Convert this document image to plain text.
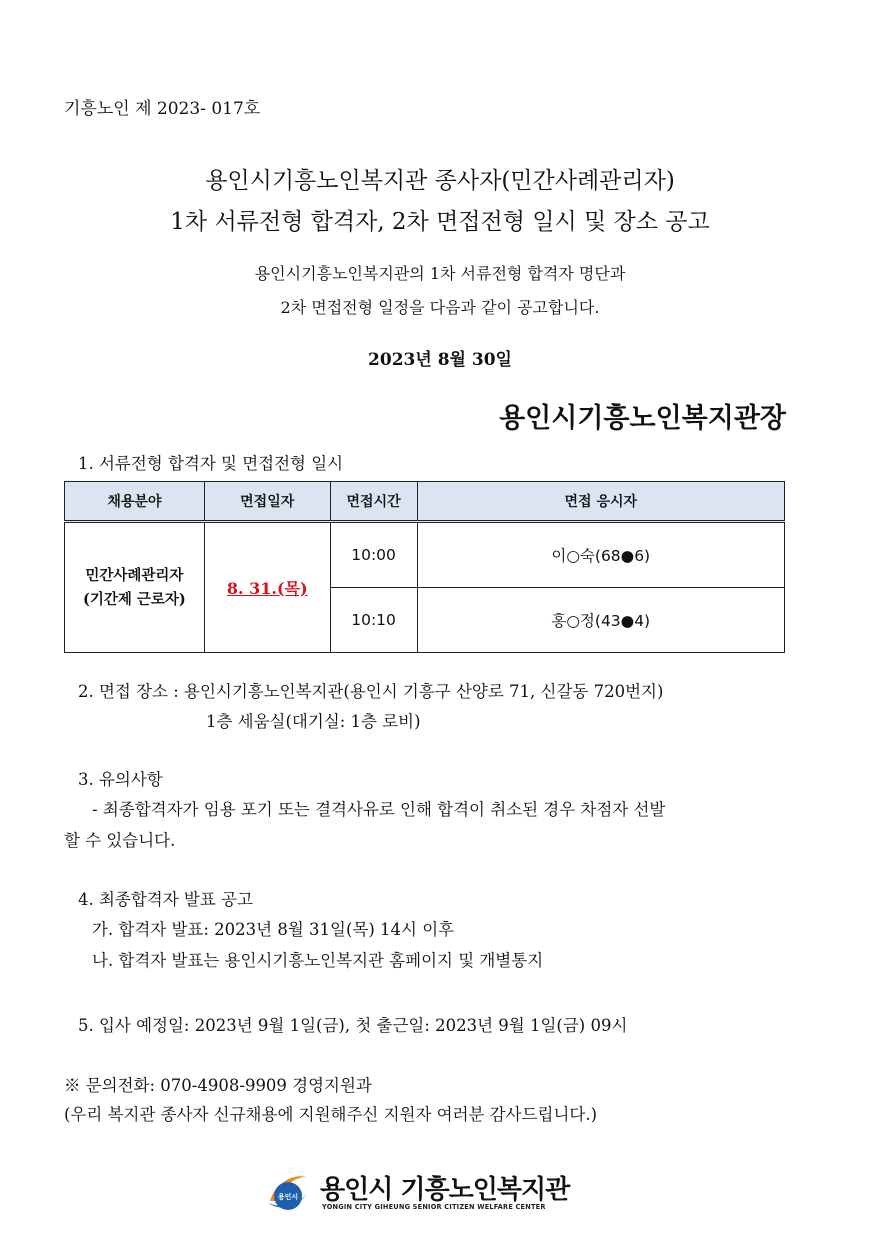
기흥노인 제 2023- 017호
용인시기흥노인복지관 종사자(민간사례관리자)
1차 서류전형 합격자, 2차 면접전형 일시 및 장소 공고
용인시기흥노인복지관의 1차 서류전형 합격자 명단과
2차 면접전형 일정을 다음과 같이 공고합니다.
2023년 8월 30일
용인시기흥노인복지관장
1. 서류전형 합격자 및 면접전형 일시
채용분야	면접일자	면접시간	면접 응시자

민간사례관리자
(기간제 근로자)	8. 31.(목)	10:00	이○숙(68●6)
		10:10	홍○정(43●4)
2. 면접 장소 : 용인시기흥노인복지관(용인시 기흥구 산양로 71, 신갈동 720번지)
1층 세움실(대기실: 1층 로비)
3. 유의사항
- 최종합격자가 임용 포기 또는 결격사유로 인해 합격이 취소된 경우 차점자 선발
할 수 있습니다.
4. 최종합격자 발표 공고
가. 합격자 발표: 2023년 8월 31일(목) 14시 이후
나. 합격자 발표는 용인시기흥노인복지관 홈페이지 및 개별통지
5. 입사 예정일: 2023년 9월 1일(금), 첫 출근일: 2023년 9월 1일(금) 09시
※ 문의전화: 070-4908-9909 경영지원과
(우리 복지관 종사자 신규채용에 지원해주신 지원자 여러분 감사드립니다.)
용인시 용인시 기흥노인복지관
YONGIN CITY GIHEUNG SENIOR CITIZEN WELFARE CENTER
